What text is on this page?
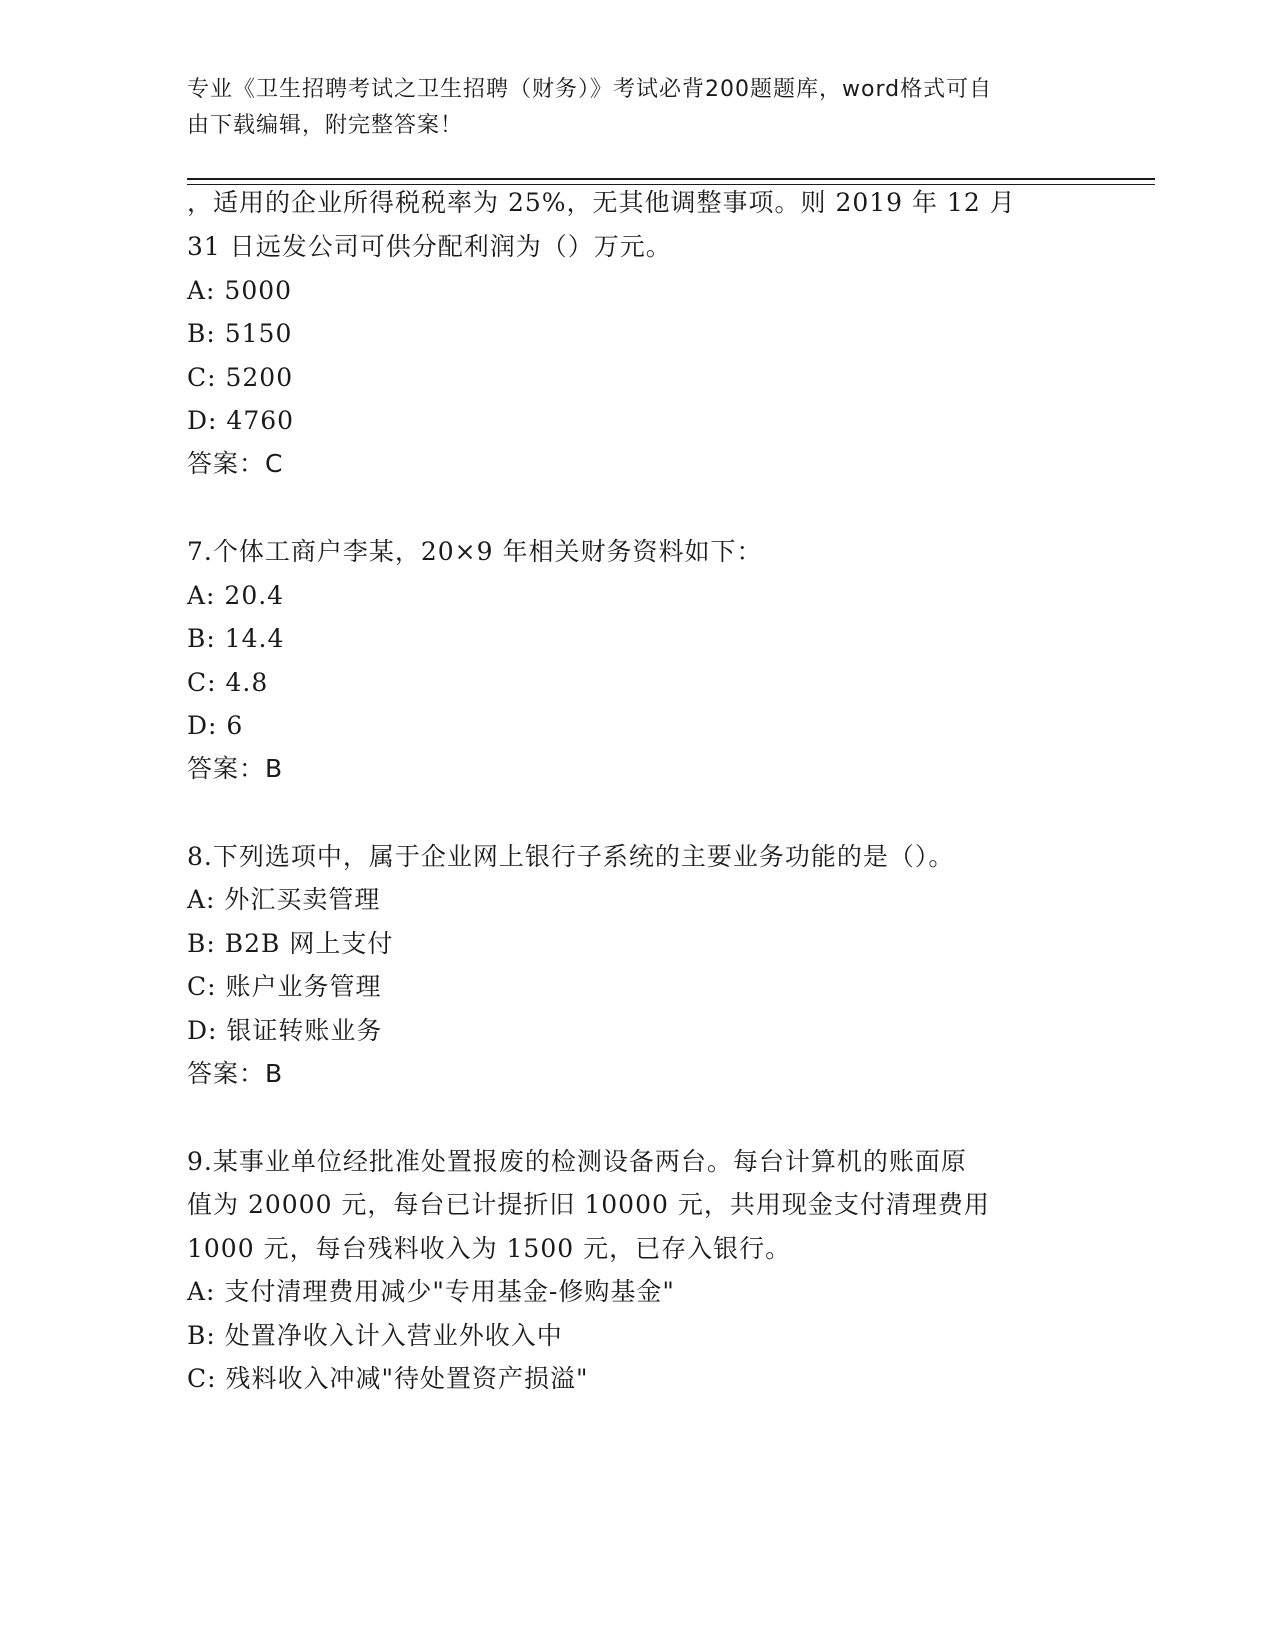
专业《卫生招聘考试之卫生招聘（财务）》考试必背200题题库，word格式可自
由下载编辑，附完整答案！
，适用的企业所得税税率为 25%，无其他调整事项。则 2019 年 12 月
31 日远发公司可供分配利润为（）万元。
A: 5000
B: 5150
C: 5200
D: 4760
答案：C
7.个体工商户李某，20×9 年相关财务资料如下：
A: 20.4
B: 14.4
C: 4.8
D: 6
答案：B
8.下列选项中，属于企业网上银行子系统的主要业务功能的是（）。
A: 外汇买卖管理
B: B2B 网上支付
C: 账户业务管理
D: 银证转账业务
答案：B
9.某事业单位经批准处置报废的检测设备两台。每台计算机的账面原
值为 20000 元，每台已计提折旧 10000 元，共用现金支付清理费用
1000 元，每台残料收入为 1500 元，已存入银行。
A: 支付清理费用减少"专用基金-修购基金"
B: 处置净收入计入营业外收入中
C: 残料收入冲减"待处置资产损溢"
